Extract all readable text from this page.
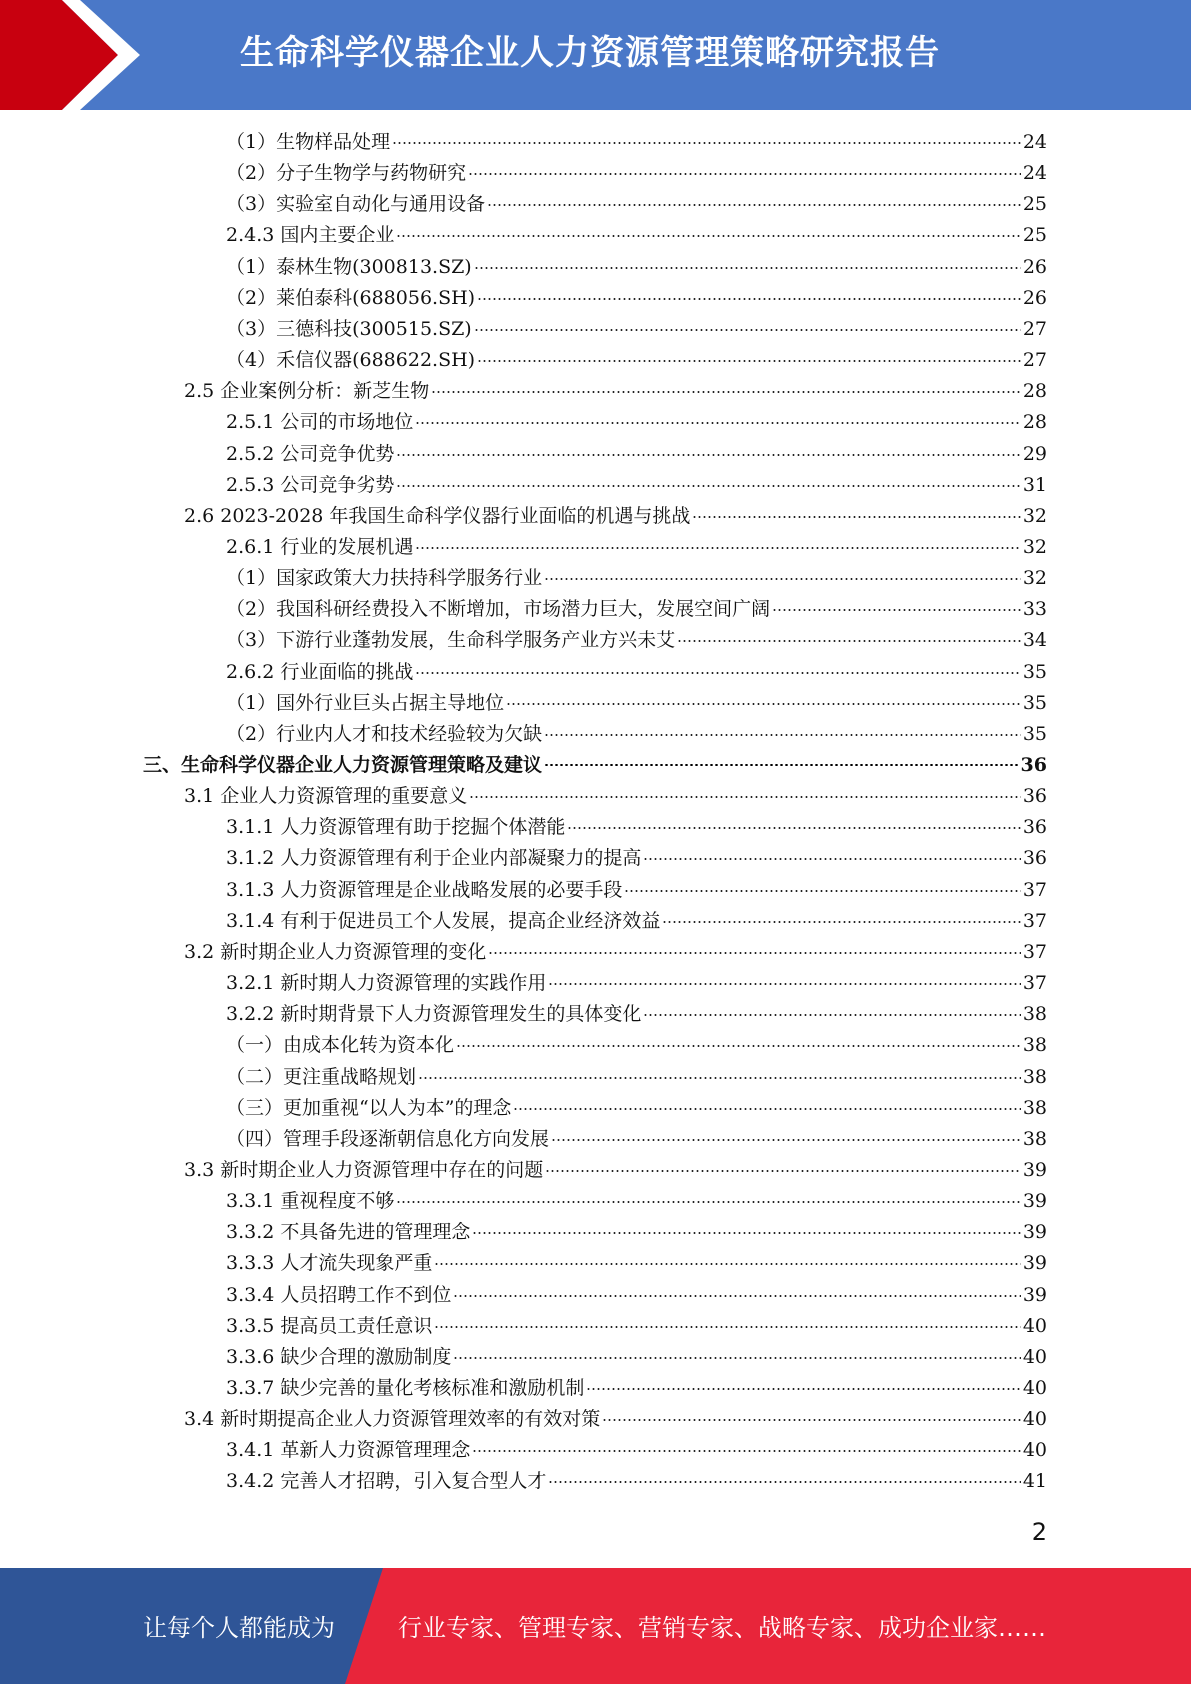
生命科学仪器企业人力资源管理策略研究报告
（1）生物样品处理	24
（2）分子生物学与药物研究	24
（3）实验室自动化与通用设备	25
2.4.3 国内主要企业	25
（1）泰林生物(300813.SZ)	26
（2）莱伯泰科(688056.SH)	26
（3）三德科技(300515.SZ)	27
（4）禾信仪器(688622.SH)	27
2.5 企业案例分析：新芝生物	28
2.5.1 公司的市场地位	28
2.5.2 公司竞争优势	29
2.5.3 公司竞争劣势	31
2.6 2023-2028 年我国生命科学仪器行业面临的机遇与挑战	32
2.6.1 行业的发展机遇	32
（1）国家政策大力扶持科学服务行业	32
（2）我国科研经费投入不断增加，市场潜力巨大，发展空间广阔	33
（3）下游行业蓬勃发展，生命科学服务产业方兴未艾	34
2.6.2 行业面临的挑战	35
（1）国外行业巨头占据主导地位	35
（2）行业内人才和技术经验较为欠缺	35
三、生命科学仪器企业人力资源管理策略及建议	36
3.1 企业人力资源管理的重要意义	36
3.1.1 人力资源管理有助于挖掘个体潜能	36
3.1.2 人力资源管理有利于企业内部凝聚力的提高	36
3.1.3 人力资源管理是企业战略发展的必要手段	37
3.1.4 有利于促进员工个人发展，提高企业经济效益	37
3.2 新时期企业人力资源管理的变化	37
3.2.1 新时期人力资源管理的实践作用	37
3.2.2 新时期背景下人力资源管理发生的具体变化	38
（一）由成本化转为资本化	38
（二）更注重战略规划	38
（三）更加重视“以人为本”的理念	38
（四）管理手段逐渐朝信息化方向发展	38
3.3 新时期企业人力资源管理中存在的问题	39
3.3.1 重视程度不够	39
3.3.2 不具备先进的管理理念	39
3.3.3 人才流失现象严重	39
3.3.4 人员招聘工作不到位	39
3.3.5 提高员工责任意识	40
3.3.6 缺少合理的激励制度	40
3.3.7 缺少完善的量化考核标准和激励机制	40
3.4 新时期提高企业人力资源管理效率的有效对策	40
3.4.1 革新人力资源管理理念	40
3.4.2 完善人才招聘，引入复合型人才	41
2
让每个人都能成为	行业专家、管理专家、营销专家、战略专家、成功企业家……
